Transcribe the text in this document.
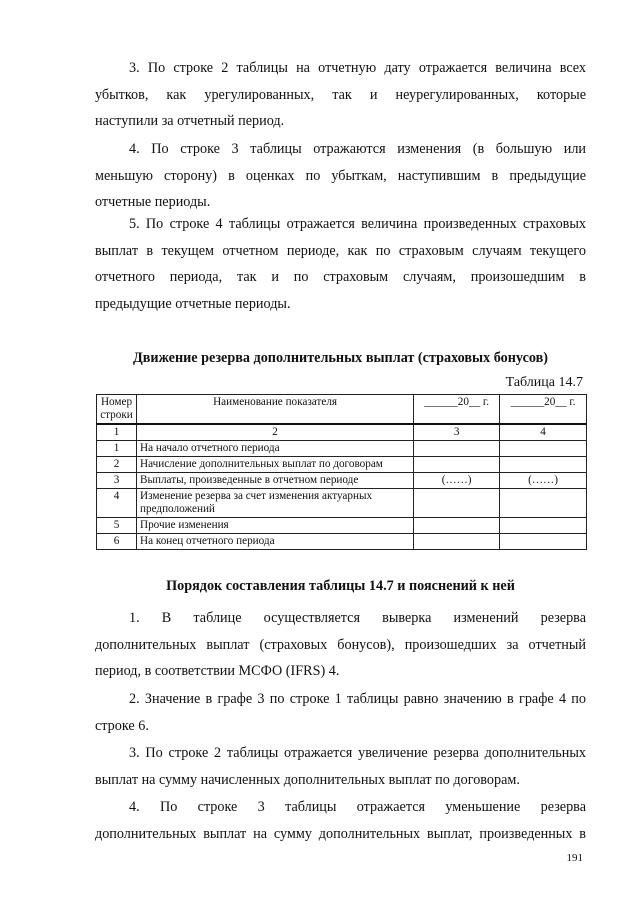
3. По строке 2 таблицы на отчетную дату отражается величина всех
убытков, как урегулированных, так и неурегулированных, которые
наступили за отчетный период.
4. По строке 3 таблицы отражаются изменения (в большую или
меньшую сторону) в оценках по убыткам, наступившим в предыдущие
отчетные периоды.
5. По строке 4 таблицы отражается величина произведенных страховых
выплат в текущем отчетном периоде, как по страховым случаям текущего
отчетного периода, так и по страховым случаям, произошедшим в
предыдущие отчетные периоды.
Движение резерва дополнительных выплат (страховых бонусов)
Таблица 14.7
Номер строки	Наименование показателя	______20__ г.	______20__ г.
1	2	3	4
1	На начало отчетного периода		
2	Начисление дополнительных выплат по договорам		
3	Выплаты, произведенные в отчетном периоде	(……)	(……)
4	Изменение резерва за счет изменения актуарных предположений		
5	Прочие изменения		
6	На конец отчетного периода		
Порядок составления таблицы 14.7 и пояснений к ней
1. В таблице осуществляется выверка изменений резерва
дополнительных выплат (страховых бонусов), произошедших за отчетный
период, в соответствии МСФО (IFRS) 4.
2. Значение в графе 3 по строке 1 таблицы равно значению в графе 4 по
строке 6.
3. По строке 2 таблицы отражается увеличение резерва дополнительных
выплат на сумму начисленных дополнительных выплат по договорам.
4. По строке 3 таблицы отражается уменьшение резерва
дополнительных выплат на сумму дополнительных выплат, произведенных в
191
